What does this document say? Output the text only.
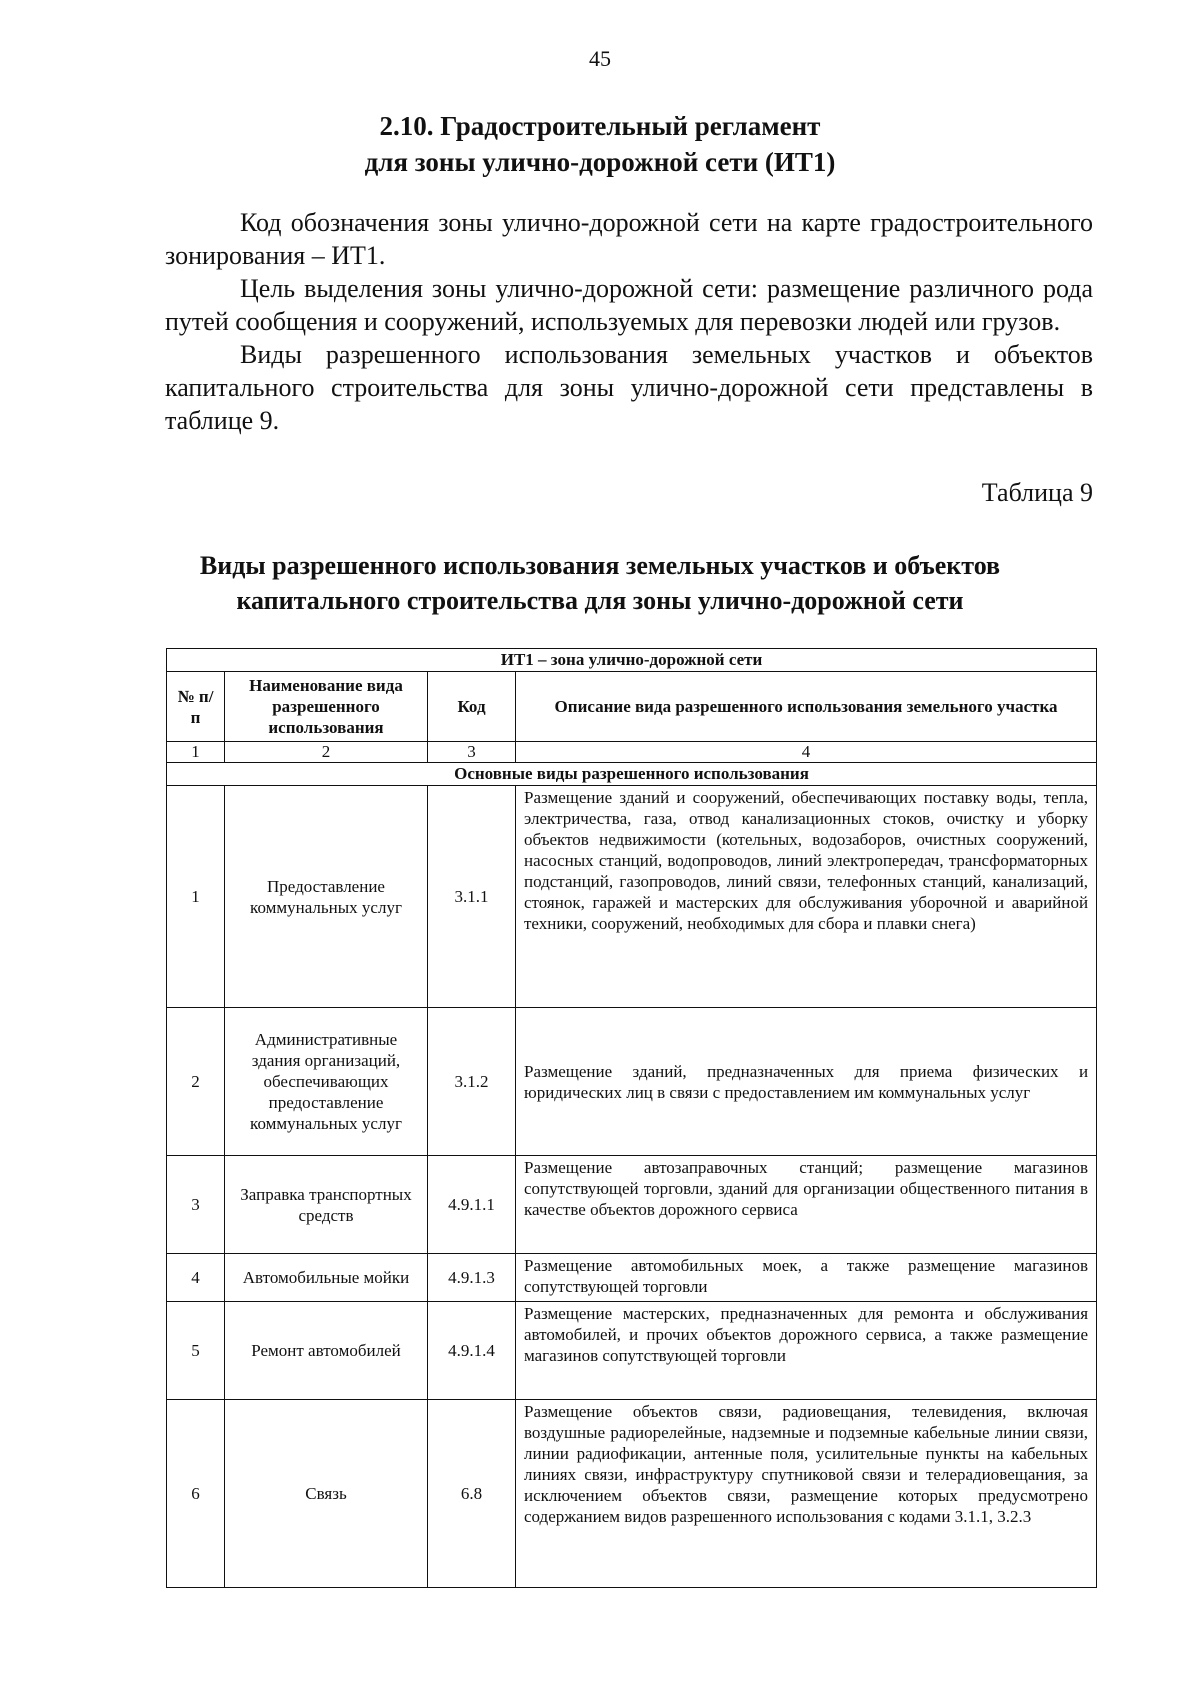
45
2.10. Градостроительный регламент
для зоны улично-дорожной сети (ИТ1)

Код обозначения зоны улично-дорожной сети на карте градостроительного зонирования – ИТ1.

Цель выделения зоны улично-дорожной сети: размещение различного рода путей сообщения и сооружений, используемых для перевозки людей или грузов.

Виды разрешенного использования земельных участков и объектов капитального строительства для зоны улично-дорожной сети представлены в таблице 9.

Таблица 9
Виды разрешенного использования земельных участков и объектов
капитального строительства для зоны улично-дорожной сети
ИТ1 – зона улично-дорожной сети			
№ п/п	Наименование вида разрешенного использования	Код	Описание вида разрешенного использования земельного участка
1	2	3	4
Основные виды разрешенного использования			
1	Предоставление коммунальных услуг	3.1.1	Размещение зданий и сооружений, обеспечивающих поставку воды, тепла, электричества, газа, отвод канализационных стоков, очистку и уборку объектов недвижимости (котельных, водозаборов, очистных сооружений, насосных станций, водопроводов, линий электропередач, трансформаторных подстанций, газопроводов, линий связи, телефонных станций, канализаций, стоянок, гаражей и мастерских для обслуживания уборочной и аварийной техники, сооружений, необходимых для сбора и плавки снега)
2	Административные здания организаций, обеспечивающих предоставление коммунальных услуг	3.1.2	Размещение зданий, предназначенных для приема физических и юридических лиц в связи с предоставлением им коммунальных услуг
3	Заправка транспортных средств	4.9.1.1	Размещение автозаправочных станций; размещение магазинов сопутствующей торговли, зданий для организации общественного питания в качестве объектов дорожного сервиса
4	Автомобильные мойки	4.9.1.3	Размещение автомобильных моек, а также размещение магазинов сопутствующей торговли
5	Ремонт автомобилей	4.9.1.4	Размещение мастерских, предназначенных для ремонта и обслуживания автомобилей, и прочих объектов дорожного сервиса, а также размещение магазинов сопутствующей торговли
6	Связь	6.8	Размещение объектов связи, радиовещания, телевидения, включая воздушные радиорелейные, надземные и подземные кабельные линии связи, линии радиофикации, антенные поля, усилительные пункты на кабельных линиях связи, инфраструктуру спутниковой связи и телерадиовещания, за исключением объектов связи, размещение которых предусмотрено содержанием видов разрешенного использования с кодами 3.1.1, 3.2.3
